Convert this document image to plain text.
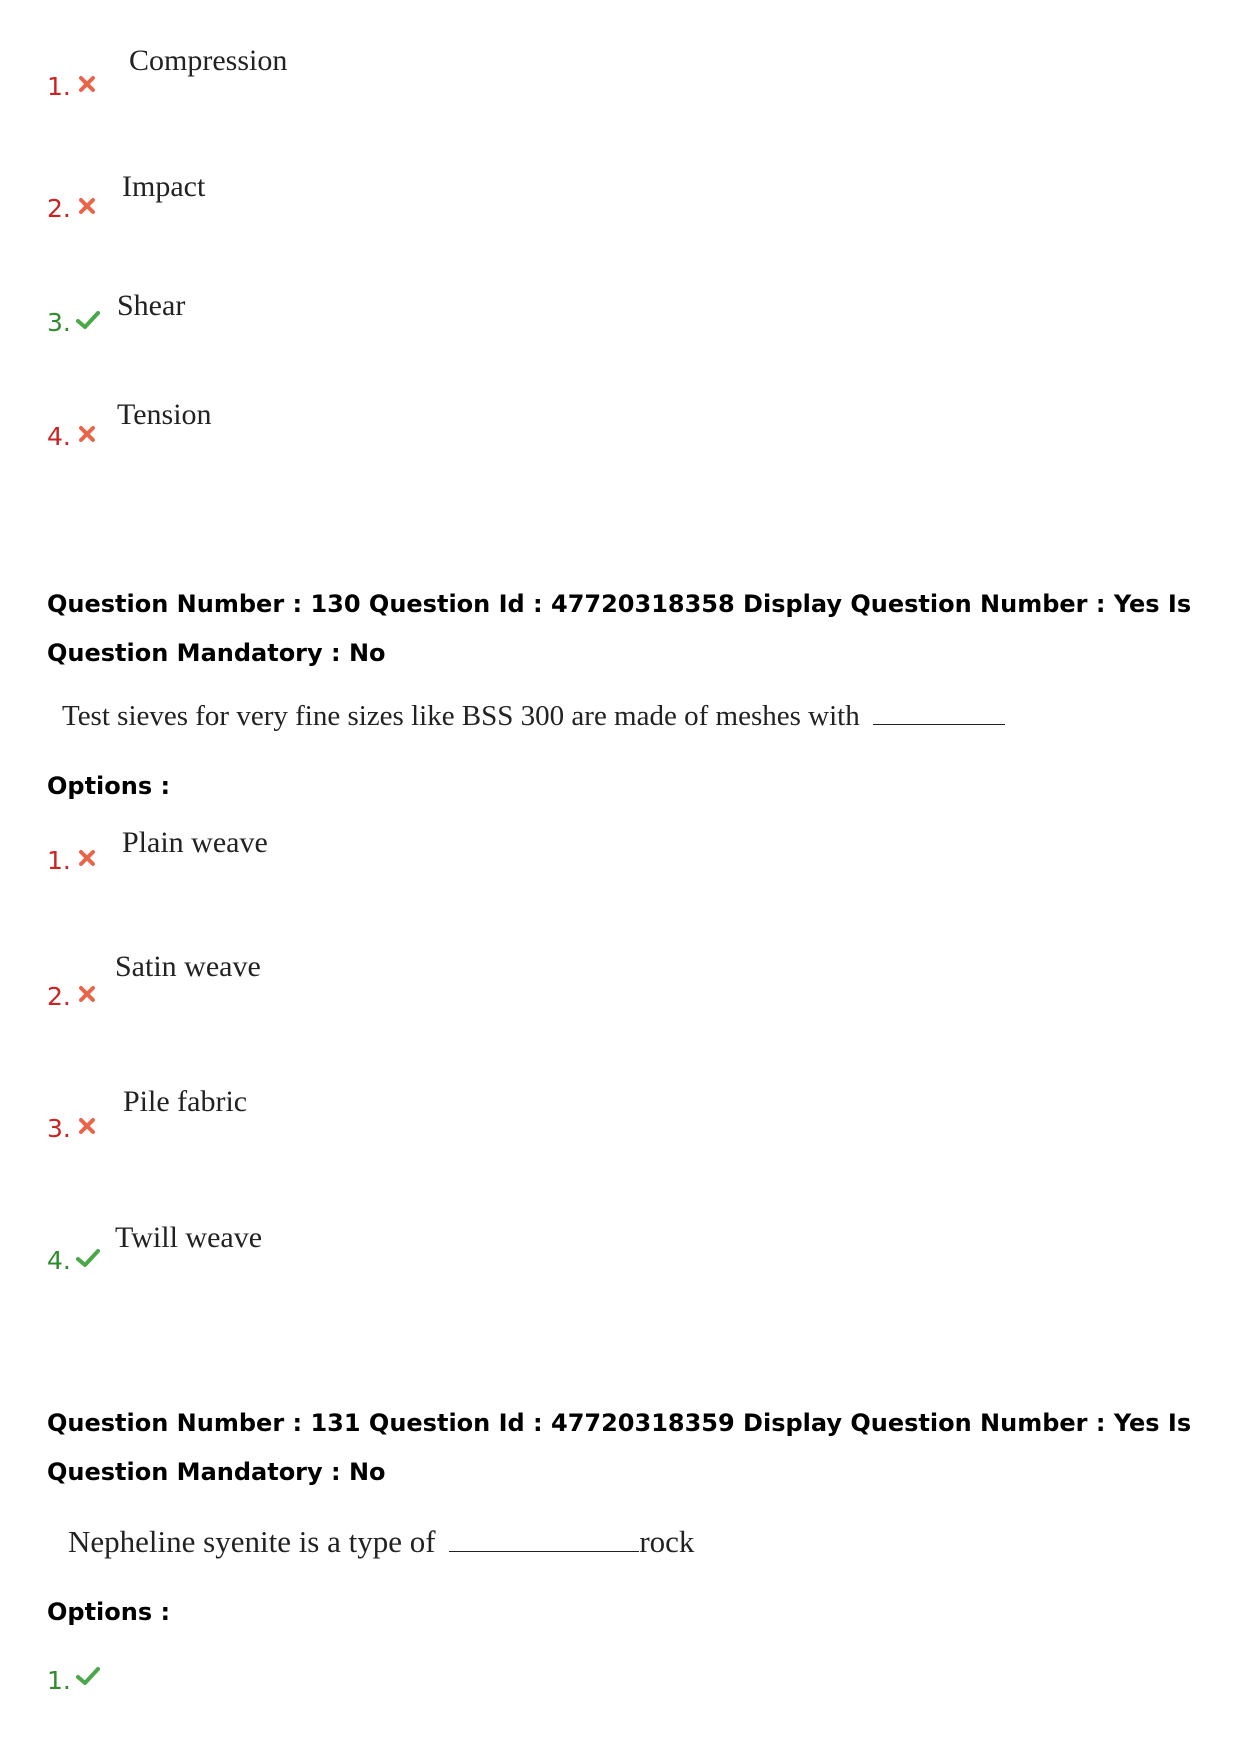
1.
Compression
2.
Impact
3.
Shear
4.
Tension
Question Number : 130 Question Id : 47720318358 Display Question Number : Yes Is Question Mandatory : No
Test sieves for very fine sizes like BSS 300 are made of meshes with
Options :
1.
Plain weave
2.
Satin weave
3.
Pile fabric
4.
Twill weave
Question Number : 131 Question Id : 47720318359 Display Question Number : Yes Is Question Mandatory : No
Nepheline syenite is a type of	rock
Options :
1.
